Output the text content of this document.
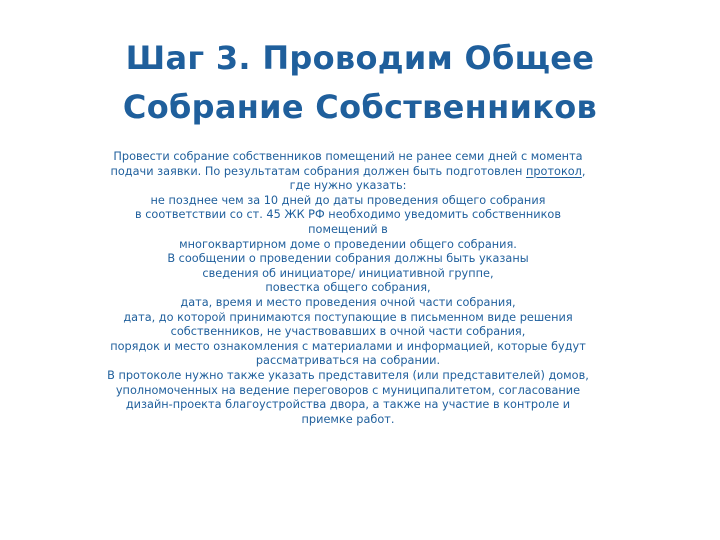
Шаг 3. Проводим Общее
Собрание Собственников
Провести собрание собственников помещений не ранее семи дней с момента
подачи заявки. По результатам собрания должен быть подготовлен протокол,
где нужно указать:
не позднее чем за 10 дней до даты проведения общего собрания
в соответствии со ст. 45 ЖК РФ необходимо уведомить собственников
помещений в
многоквартирном доме о проведении общего собрания.
В сообщении о проведении собрания должны быть указаны
сведения об инициаторе/ инициативной группе,
повестка общего собрания,
дата, время и место проведения очной части собрания,
дата, до которой принимаются поступающие в письменном виде решения
собственников, не участвовавших в очной части собрания,
порядок и место ознакомления с материалами и информацией, которые будут
рассматриваться на собрании.
В протоколе нужно также указать представителя (или представителей) домов,
уполномоченных на ведение переговоров с муниципалитетом, согласование
дизайн-проекта благоустройства двора, а также на участие в контроле и
приемке работ.
